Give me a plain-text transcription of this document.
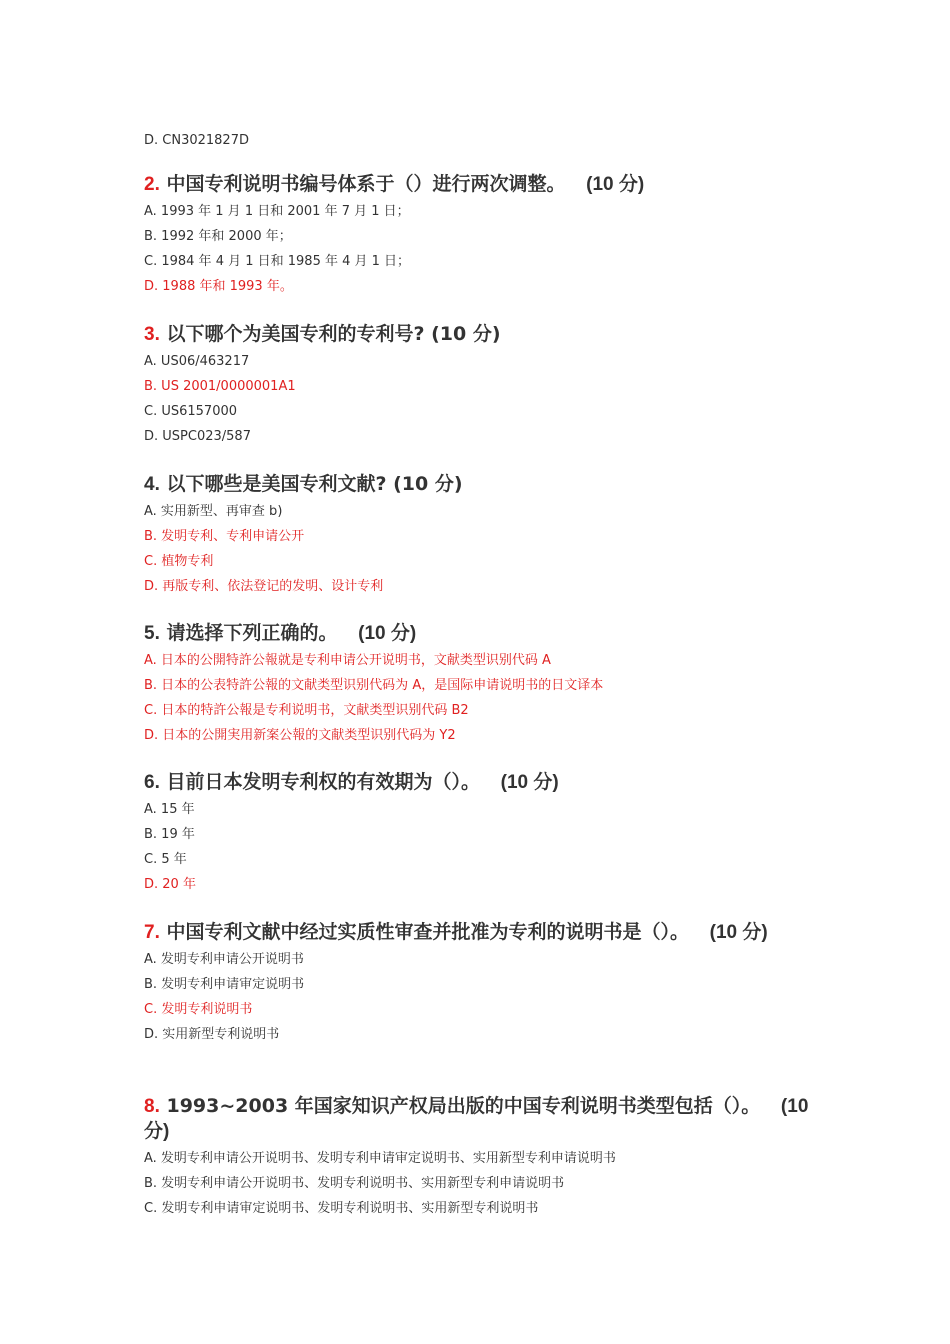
D. CN3021827D
2. 中国专利说明书编号体系于（）进行两次调整。 (10 分)
A. 1993 年 1 月 1 日和 2001 年 7 月 1 日；
B. 1992 年和 2000 年；
C. 1984 年 4 月 1 日和 1985 年 4 月 1 日；
D. 1988 年和 1993 年。
3. 以下哪个为美国专利的专利号? (10 分)
A. US06/463217
B. US 2001/0000001A1
C. US6157000
D. USPC023/587
4. 以下哪些是美国专利文献? (10 分)
A. 实用新型、再审查 b)
B. 发明专利、专利申请公开
C. 植物专利
D. 再版专利、依法登记的发明、设计专利
5. 请选择下列正确的。 (10 分)
A. 日本的公開特許公報就是专利申请公开说明书，文献类型识别代码 A
B. 日本的公表特許公報的文献类型识别代码为 A，是国际申请说明书的日文译本
C. 日本的特許公報是专利说明书，文献类型识别代码 B2
D. 日本的公開実用新案公報的文献类型识别代码为 Y2
6. 目前日本发明专利权的有效期为（）。 (10 分)
A. 15 年
B. 19 年
C. 5 年
D. 20 年
7. 中国专利文献中经过实质性审查并批准为专利的说明书是（）。 (10 分)
A. 发明专利申请公开说明书
B. 发明专利申请审定说明书
C. 发明专利说明书
D. 实用新型专利说明书
8. 1993~2003 年国家知识产权局出版的中国专利说明书类型包括（）。 (10 分)
A. 发明专利申请公开说明书、发明专利申请审定说明书、实用新型专利申请说明书
B. 发明专利申请公开说明书、发明专利说明书、实用新型专利申请说明书
C. 发明专利申请审定说明书、发明专利说明书、实用新型专利说明书
